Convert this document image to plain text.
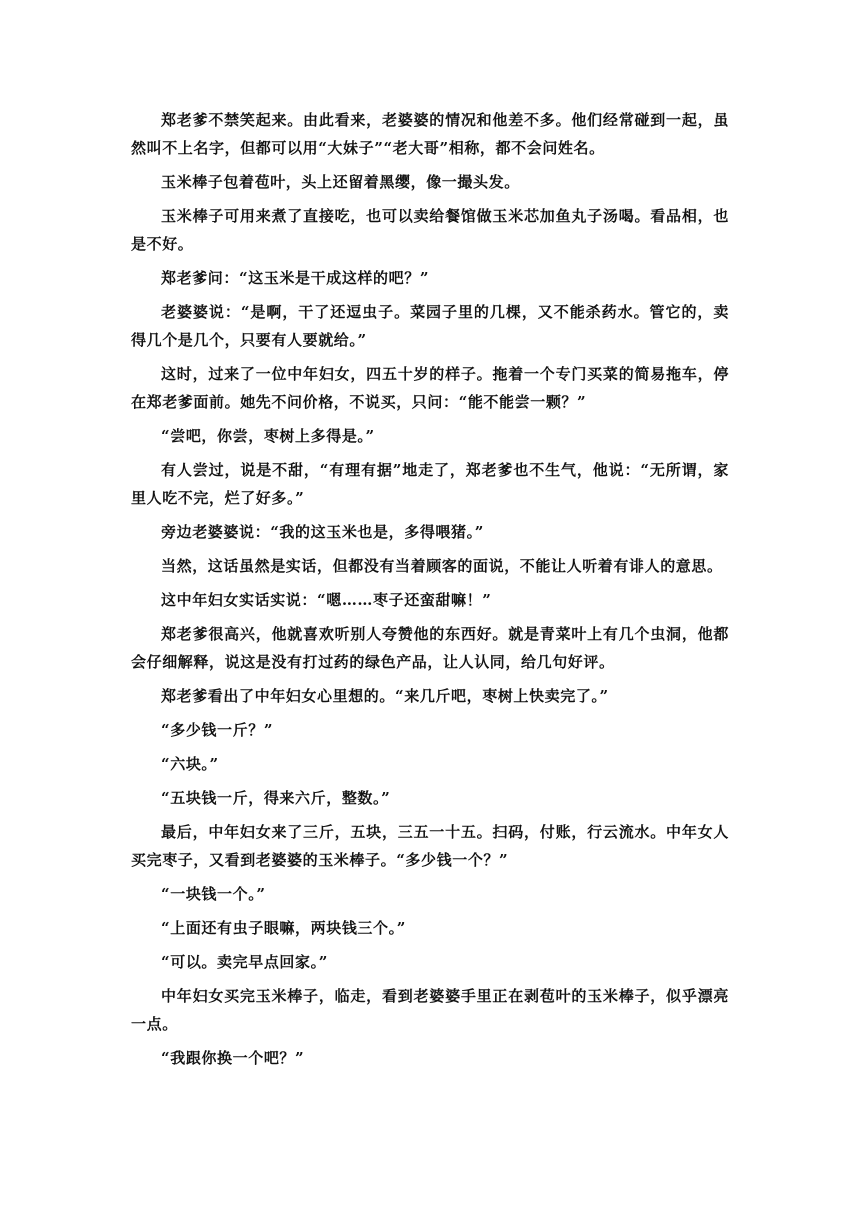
郑老爹不禁笑起来。由此看来，老婆婆的情况和他差不多。他们经常碰到一起，虽然叫不上名字，但都可以用“大妹子”“老大哥”相称，都不会问姓名。

玉米棒子包着苞叶，头上还留着黑缨，像一撮头发。

玉米棒子可用来煮了直接吃，也可以卖给餐馆做玉米芯加鱼丸子汤喝。看品相，也是不好。

郑老爹问：“这玉米是干成这样的吧？”

老婆婆说：“是啊，干了还逗虫子。菜园子里的几棵，又不能杀药水。管它的，卖得几个是几个，只要有人要就给。”

这时，过来了一位中年妇女，四五十岁的样子。拖着一个专门买菜的简易拖车，停在郑老爹面前。她先不问价格，不说买，只问：“能不能尝一颗？”

“尝吧，你尝，枣树上多得是。”

有人尝过，说是不甜，“有理有据”地走了，郑老爹也不生气，他说：“无所谓，家里人吃不完，烂了好多。”

旁边老婆婆说：“我的这玉米也是，多得喂猪。”

当然，这话虽然是实话，但都没有当着顾客的面说，不能让人听着有诽人的意思。

这中年妇女实话实说：“嗯……枣子还蛮甜嘛！”

郑老爹很高兴，他就喜欢听别人夸赞他的东西好。就是青菜叶上有几个虫洞，他都会仔细解释，说这是没有打过药的绿色产品，让人认同，给几句好评。

郑老爹看出了中年妇女心里想的。“来几斤吧，枣树上快卖完了。”

“多少钱一斤？”

“六块。”

“五块钱一斤，得来六斤，整数。”

最后，中年妇女来了三斤，五块，三五一十五。扫码，付账，行云流水。中年女人买完枣子，又看到老婆婆的玉米棒子。“多少钱一个？”

“一块钱一个。”

“上面还有虫子眼嘛，两块钱三个。”

“可以。卖完早点回家。”

中年妇女买完玉米棒子，临走，看到老婆婆手里正在剥苞叶的玉米棒子，似乎漂亮一点。

“我跟你换一个吧？”
